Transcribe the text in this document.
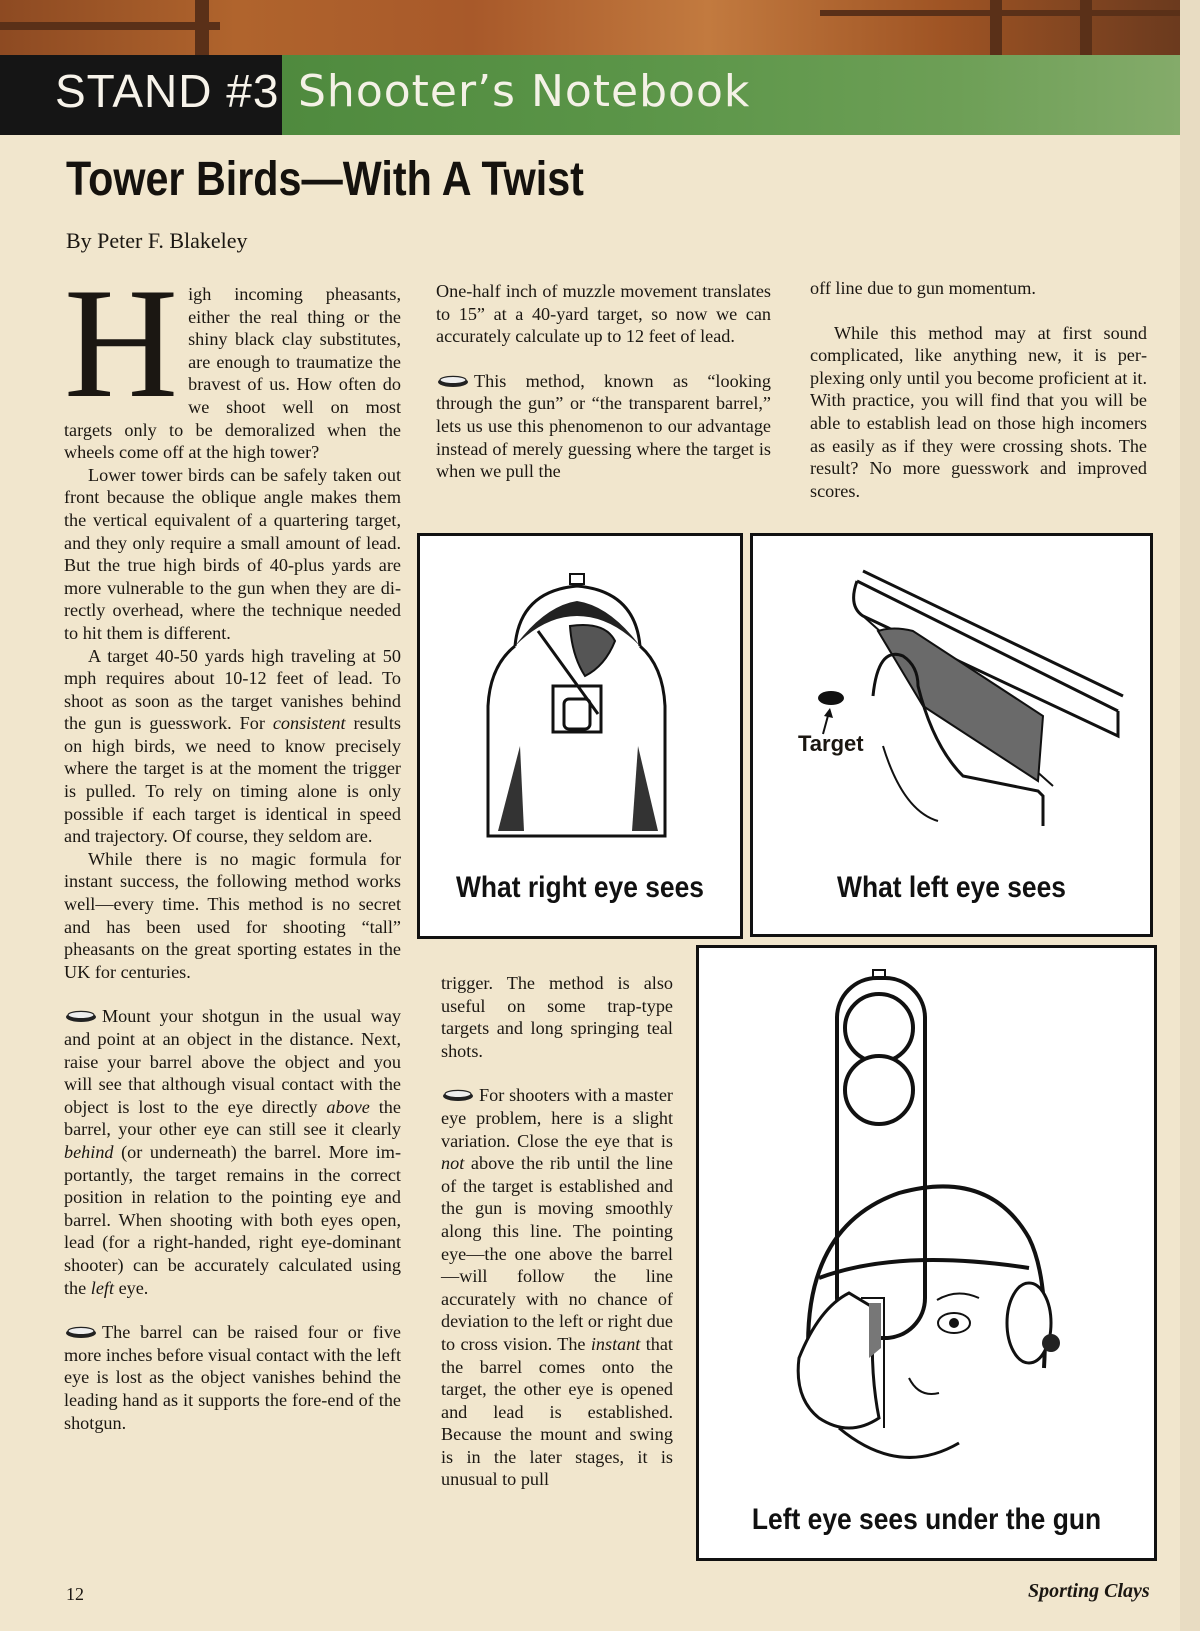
STAND #3 Shooter’s Notebook
Tower Birds—With A Twist
By Peter F. Blakeley

High incoming pheasants, either the real thing or the shiny black clay substitutes, are enough to traumatize the bravest of us. How often do we shoot well on most targets only to be demoralized when the wheels come off at the high tower?

Lower tower birds can be safely taken out front because the oblique angle makes them the vertical equivalent of a quartering target, and they only require a small amount of lead. But the true high birds of 40-plus yards are more vulnerable to the gun when they are directly overhead, where the technique needed to hit them is different.

A target 40-50 yards high traveling at 50 mph requires about 10-12 feet of lead. To shoot as soon as the target vanishes behind the gun is guesswork. For consistent results on high birds, we need to know precisely where the target is at the moment the trigger is pulled. To rely on timing alone is only possible if each target is identical in speed and trajectory. Of course, they seldom are.

While there is no magic formula for instant success, the following method works well—every time. This method is no secret and has been used for shooting “tall” pheasants on the great sporting estates in the UK for centuries.

Mount your shotgun in the usual way and point at an object in the distance. Next, raise your barrel above the object and you will see that although visual contact with the object is lost to the eye directly above the barrel, your other eye can still see it clearly behind (or underneath) the barrel. More importantly, the target remains in the correct position in relation to the pointing eye and barrel. When shooting with both eyes open, lead (for a right-handed, right eye-dominant shooter) can be accurately calculated using the left eye.

The barrel can be raised four or five more inches before visual contact with the left eye is lost as the object vanishes behind the leading hand as it supports the fore-end of the shotgun.

One-half inch of muzzle movement translates to 15” at a 40-yard target, so now we can accurately calculate up to 12 feet of lead.

This method, known as “looking through the gun” or “the transparent barrel,” lets us use this phenomenon to our advantage instead of merely guessing where the target is when we pull the

trigger. The method is also useful on some trap-type targets and long springing teal shots.

For shooters with a master eye problem, here is a slight variation. Close the eye that is not above the rib until the line of the target is established and the gun is moving smoothly along this line. The pointing eye—the one above the barrel—will follow the line accurately with no chance of deviation to the left or right due to cross vision. The instant that the barrel comes onto the target, the other eye is opened and lead is established. Because the mount and swing is in the later stages, it is unusual to pull

off line due to gun momentum.

While this method may at first sound complicated, like anything new, it is perplexing only until you become proficient at it. With practice, you will find that you will be able to establish lead on those high incomers as easily as if they were crossing shots. The result? No more guesswork and improved scores.

What right eye sees
Target
What left eye sees
Left eye sees under the gun
12	Sporting Clays
